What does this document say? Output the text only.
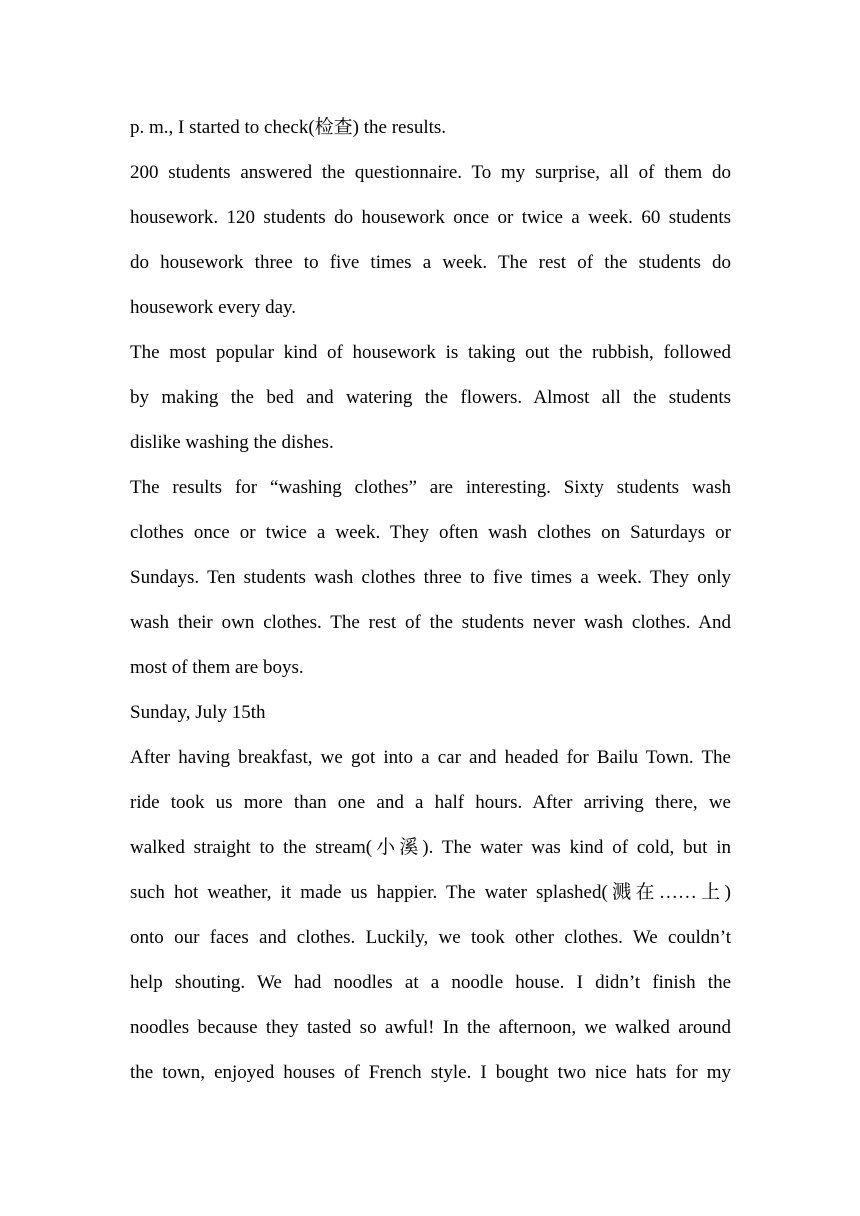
p. m., I started to check(检查) the results.
200 students answered the questionnaire. To my surprise, all of them do
housework. 120 students do housework once or twice a week. 60 students
do housework three to five times a week. The rest of the students do
housework every day.
The most popular kind of housework is taking out the rubbish, followed
by making the bed and watering the flowers. Almost all the students
dislike washing the dishes.
The results for “washing clothes” are interesting. Sixty students wash
clothes once or twice a week. They often wash clothes on Saturdays or
Sundays. Ten students wash clothes three to five times a week. They only
wash their own clothes. The rest of the students never wash clothes. And
most of them are boys.
Sunday, July 15th
After having breakfast, we got into a car and headed for Bailu Town. The
ride took us more than one and a half hours. After arriving there, we
walked straight to the stream(小溪). The water was kind of cold, but in
such hot weather, it made us happier. The water splashed(溅在……上)
onto our faces and clothes. Luckily, we took other clothes. We couldn’t
help shouting. We had noodles at a noodle house. I didn’t finish the
noodles because they tasted so awful! In the afternoon, we walked around
the town, enjoyed houses of French style. I bought two nice hats for my
